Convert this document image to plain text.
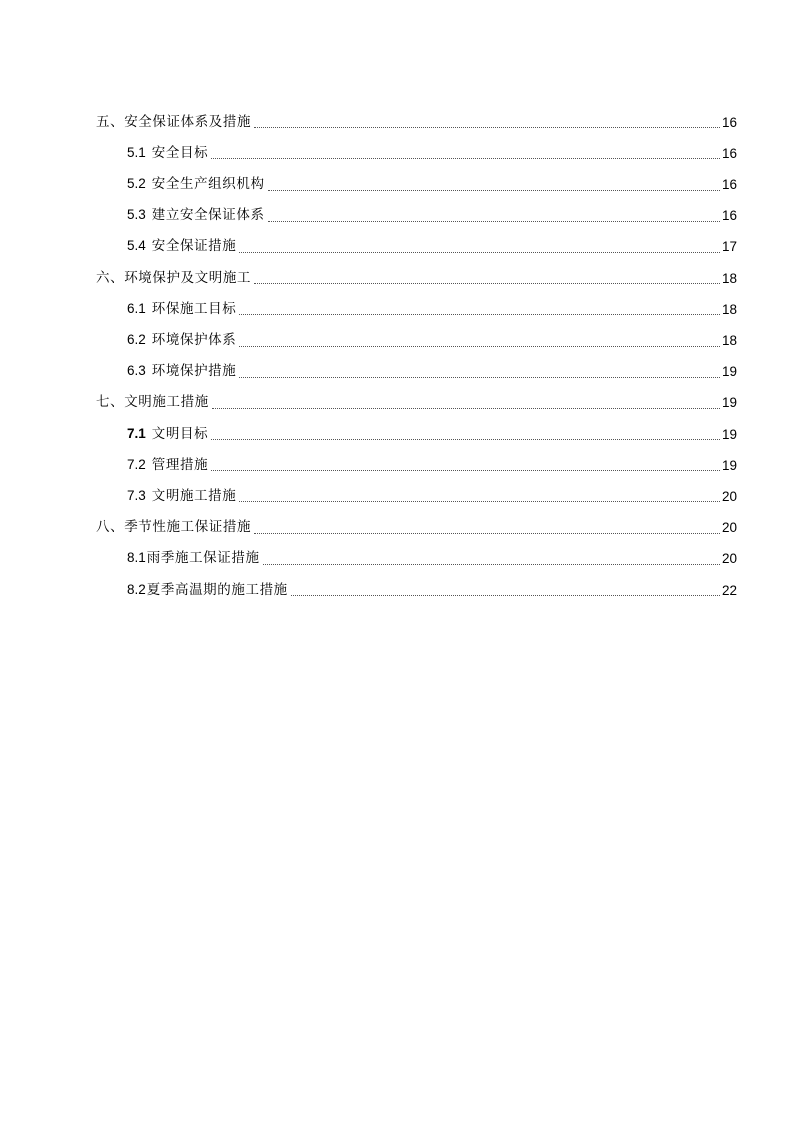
五、安全保证体系及措施	16
5.1 安全目标	16
5.2 安全生产组织机构	16
5.3 建立安全保证体系	16
5.4 安全保证措施	17
六、环境保护及文明施工	18
6.1 环保施工目标	18
6.2 环境保护体系	18
6.3 环境保护措施	19
七、文明施工措施	19
7.1 文明目标	19
7.2 管理措施	19
7.3 文明施工措施	20
八、季节性施工保证措施	20
8.1雨季施工保证措施	20
8.2夏季高温期的施工措施	22
